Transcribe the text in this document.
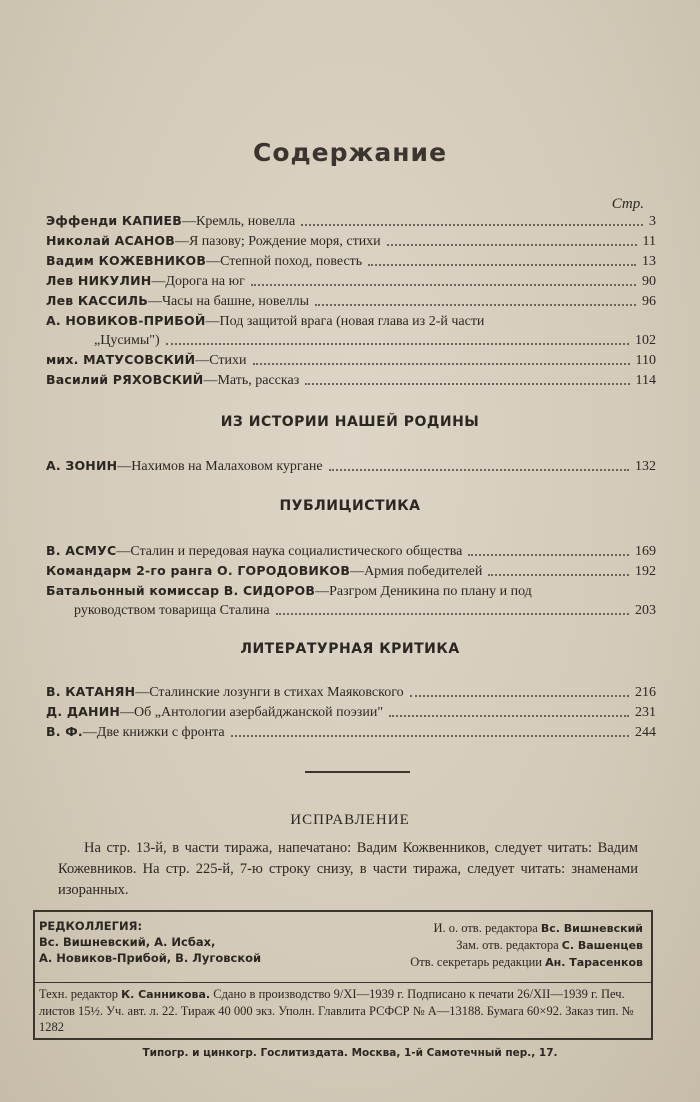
Содержание
Стр.
Эффенди КАПИЕВ—Кремль, новелла	3
Николай АСАНОВ—Я пазову; Рождение моря, стихи	11
Вадим КОЖЕВНИКОВ—Степной поход, повесть	13
Лев НИКУЛИН—Дорога на юг	90
Лев КАССИЛЬ—Часы на башне, новеллы	96
А. НОВИКОВ-ПРИБОЙ—Под защитой врага (новая глава из 2-й части
„Цусимы")	102
мих. МАТУСОВСКИЙ—Стихи	110
Василий РЯХОВСКИЙ—Мать, рассказ	114
ИЗ ИСТОРИИ НАШЕЙ РОДИНЫ
А. ЗОНИН—Нахимов на Малаховом кургане	132
ПУБЛИЦИСТИКА
В. АСМУС—Сталин и передовая наука социалистического общества	169
Командарм 2-го ранга О. ГОРОДОВИКОВ—Армия победителей	192
Батальонный комиссар В. СИДОРОВ—Разгром Деникина по плану и под
руководством товарища Сталина	203
ЛИТЕРАТУРНАЯ КРИТИКА
В. КАТАНЯН—Сталинские лозунги в стихах Маяковского	216
Д. ДАНИН—Об „Антологии азербайджанской поэзии"	231
В. Ф.—Две книжки с фронта	244
ИСПРАВЛЕНИЕ
На стр. 13-й, в части тиража, напечатано: Вадим Кожвенников, следует читать: Вадим Кожевников. На стр. 225-й, 7-ю строку снизу, в части тиража, следует читать: знаменами изоранных.
РЕДКОЛЛЕГИЯ:
Вс. Вишневский, А. Исбах,
А. Новиков-Прибой, В. Луговской
И. о. отв. редактора Вс. Вишневский
Зам. отв. редактора С. Вашенцев
Отв. секретарь редакции Ан. Тарасенков
Техн. редактор К. Санникова. Сдано в производство 9/XI—1939 г. Подписано к печати 26/XII—1939 г. Печ. листов 15½. Уч. авт. л. 22. Тираж 40 000 экз. Уполн. Главлита РСФСР № А—13188. Бумага 60×92. Заказ тип. № 1282
Типогр. и цинкогр. Гослитиздата. Москва, 1-й Самотечный пер., 17.
